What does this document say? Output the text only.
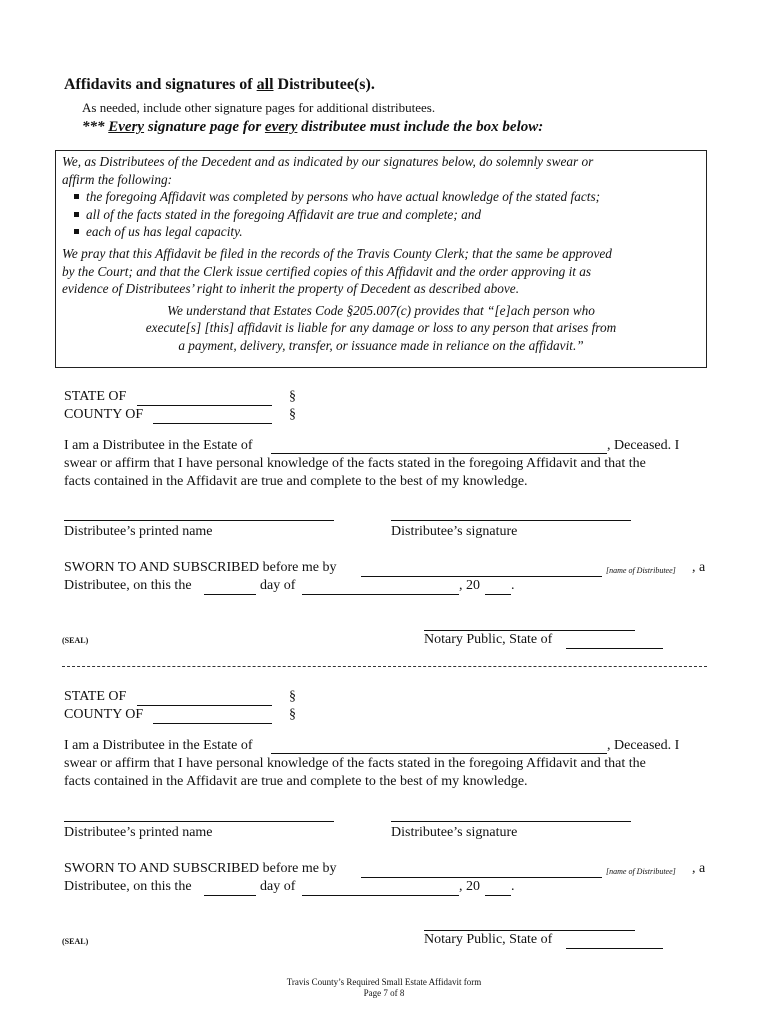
Affidavits and signatures of all Distributee(s).
As needed, include other signature pages for additional distributees.
*** Every signature page for every distributee must include the box below:

We, as Distributees of the Decedent and as indicated by our signatures below, do solemnly swear or

affirm the following:

the foregoing Affidavit was completed by persons who have actual knowledge of the stated facts;
all of the facts stated in the foregoing Affidavit are true and complete; and
each of us has legal capacity.

We pray that this Affidavit be filed in the records of the Travis County Clerk; that the same be approved

by the Court; and that the Clerk issue certified copies of this Affidavit and the order approving it as

evidence of Distributees’ right to inherit the property of Decedent as described above.

We understand that Estates Code §205.007(c) provides that “[e]ach person who

execute[s] [this] affidavit is liable for any damage or loss to any person that arises from

a payment, delivery, transfer, or issuance made in reliance on the affidavit.”

STATE OF	§
COUNTY OF	§
I am a Distributee in the Estate of	, Deceased. I
swear or affirm that I have personal knowledge of the facts stated in the foregoing Affidavit and that the
facts contained in the Affidavit are true and complete to the best of my knowledge.
Distributee’s printed name	Distributee’s signature
SWORN TO AND SUBSCRIBED before me by	[name of Distributee] , a
Distributee, on this the	day of	, 20 .
(SEAL)	Notary Public, State of
STATE OF	§
COUNTY OF	§
I am a Distributee in the Estate of	, Deceased. I
swear or affirm that I have personal knowledge of the facts stated in the foregoing Affidavit and that the
facts contained in the Affidavit are true and complete to the best of my knowledge.
Distributee’s printed name	Distributee’s signature
SWORN TO AND SUBSCRIBED before me by	[name of Distributee] , a
Distributee, on this the	day of	, 20 .
(SEAL)	Notary Public, State of
Travis County’s Required Small Estate Affidavit form
Page 7 of 8
